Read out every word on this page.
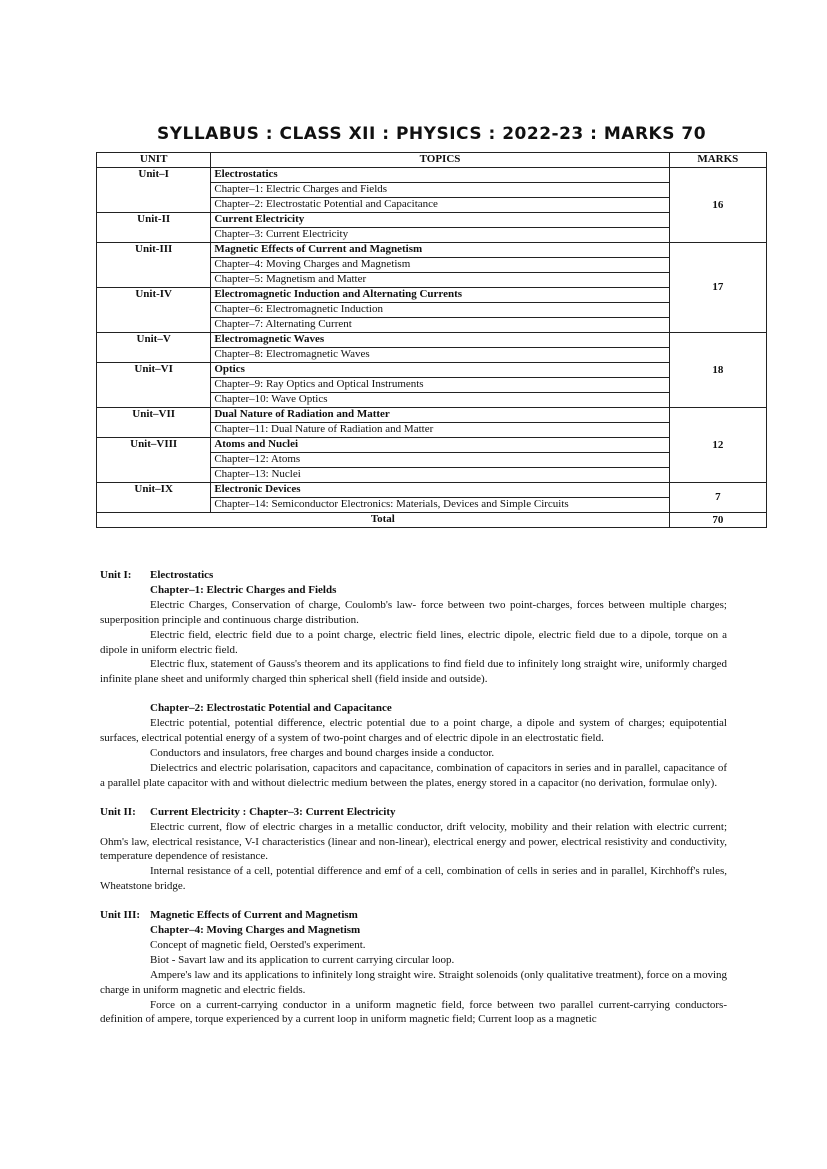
SYLLABUS : CLASS XII : PHYSICS : 2022-23 : MARKS 70
UNIT	TOPICS	MARKS
Unit–I	Electrostatics	16
	Chapter–1: Electric Charges and Fields	
	Chapter–2: Electrostatic Potential and Capacitance	
Unit-II	Current Electricity	
	Chapter–3: Current Electricity	
Unit-III	Magnetic Effects of Current and Magnetism	17
	Chapter–4: Moving Charges and Magnetism	
	Chapter–5: Magnetism and Matter	
Unit-IV	Electromagnetic Induction and Alternating Currents	
	Chapter–6: Electromagnetic Induction	
	Chapter–7: Alternating Current	
Unit–V	Electromagnetic Waves	18
	Chapter–8: Electromagnetic Waves	
Unit–VI	Optics	
	Chapter–9: Ray Optics and Optical Instruments	
	Chapter–10: Wave Optics	
Unit–VII	Dual Nature of Radiation and Matter	12
	Chapter–11: Dual Nature of Radiation and Matter	
Unit–VIII	Atoms and Nuclei	
	Chapter–12: Atoms	
	Chapter–13: Nuclei	
Unit–IX	Electronic Devices	7
	Chapter–14: Semiconductor Electronics: Materials, Devices and Simple Circuits	
Total		70
Unit I:	Electrostatics
Chapter–1: Electric Charges and Fields

Electric Charges, Conservation of charge, Coulomb's law- force between two point-charges, forces between multiple charges; superposition principle and continuous charge distribution.

Electric field, electric field due to a point charge, electric field lines, electric dipole, electric field due to a dipole, torque on a dipole in uniform electric field.

Electric flux, statement of Gauss's theorem and its applications to find field due to infinitely long straight wire, uniformly charged infinite plane sheet and uniformly charged thin spherical shell (field inside and outside).

Chapter–2: Electrostatic Potential and Capacitance

Electric potential, potential difference, electric potential due to a point charge, a dipole and system of charges; equipotential surfaces, electrical potential energy of a system of two-point charges and of electric dipole in an electrostatic field.

Conductors and insulators, free charges and bound charges inside a conductor.

Dielectrics and electric polarisation, capacitors and capacitance, combination of capacitors in series and in parallel, capacitance of a parallel plate capacitor with and without dielectric medium between the plates, energy stored in a capacitor (no derivation, formulae only).

Unit II:	Current Electricity : Chapter–3: Current Electricity

Electric current, flow of electric charges in a metallic conductor, drift velocity, mobility and their relation with electric current; Ohm's law, electrical resistance, V-I characteristics (linear and non-linear), electrical energy and power, electrical resistivity and conductivity, temperature dependence of resistance.

Internal resistance of a cell, potential difference and emf of a cell, combination of cells in series and in parallel, Kirchhoff's rules, Wheatstone bridge.

Unit III: Magnetic Effects of Current and Magnetism
Chapter–4: Moving Charges and Magnetism

Concept of magnetic field, Oersted's experiment.

Biot - Savart law and its application to current carrying circular loop.

Ampere's law and its applications to infinitely long straight wire. Straight solenoids (only qualitative treatment), force on a moving charge in uniform magnetic and electric fields.

Force on a current-carrying conductor in a uniform magnetic field, force between two parallel current-carrying conductors- definition of ampere, torque experienced by a current loop in uniform magnetic field; Current loop as a magnetic
